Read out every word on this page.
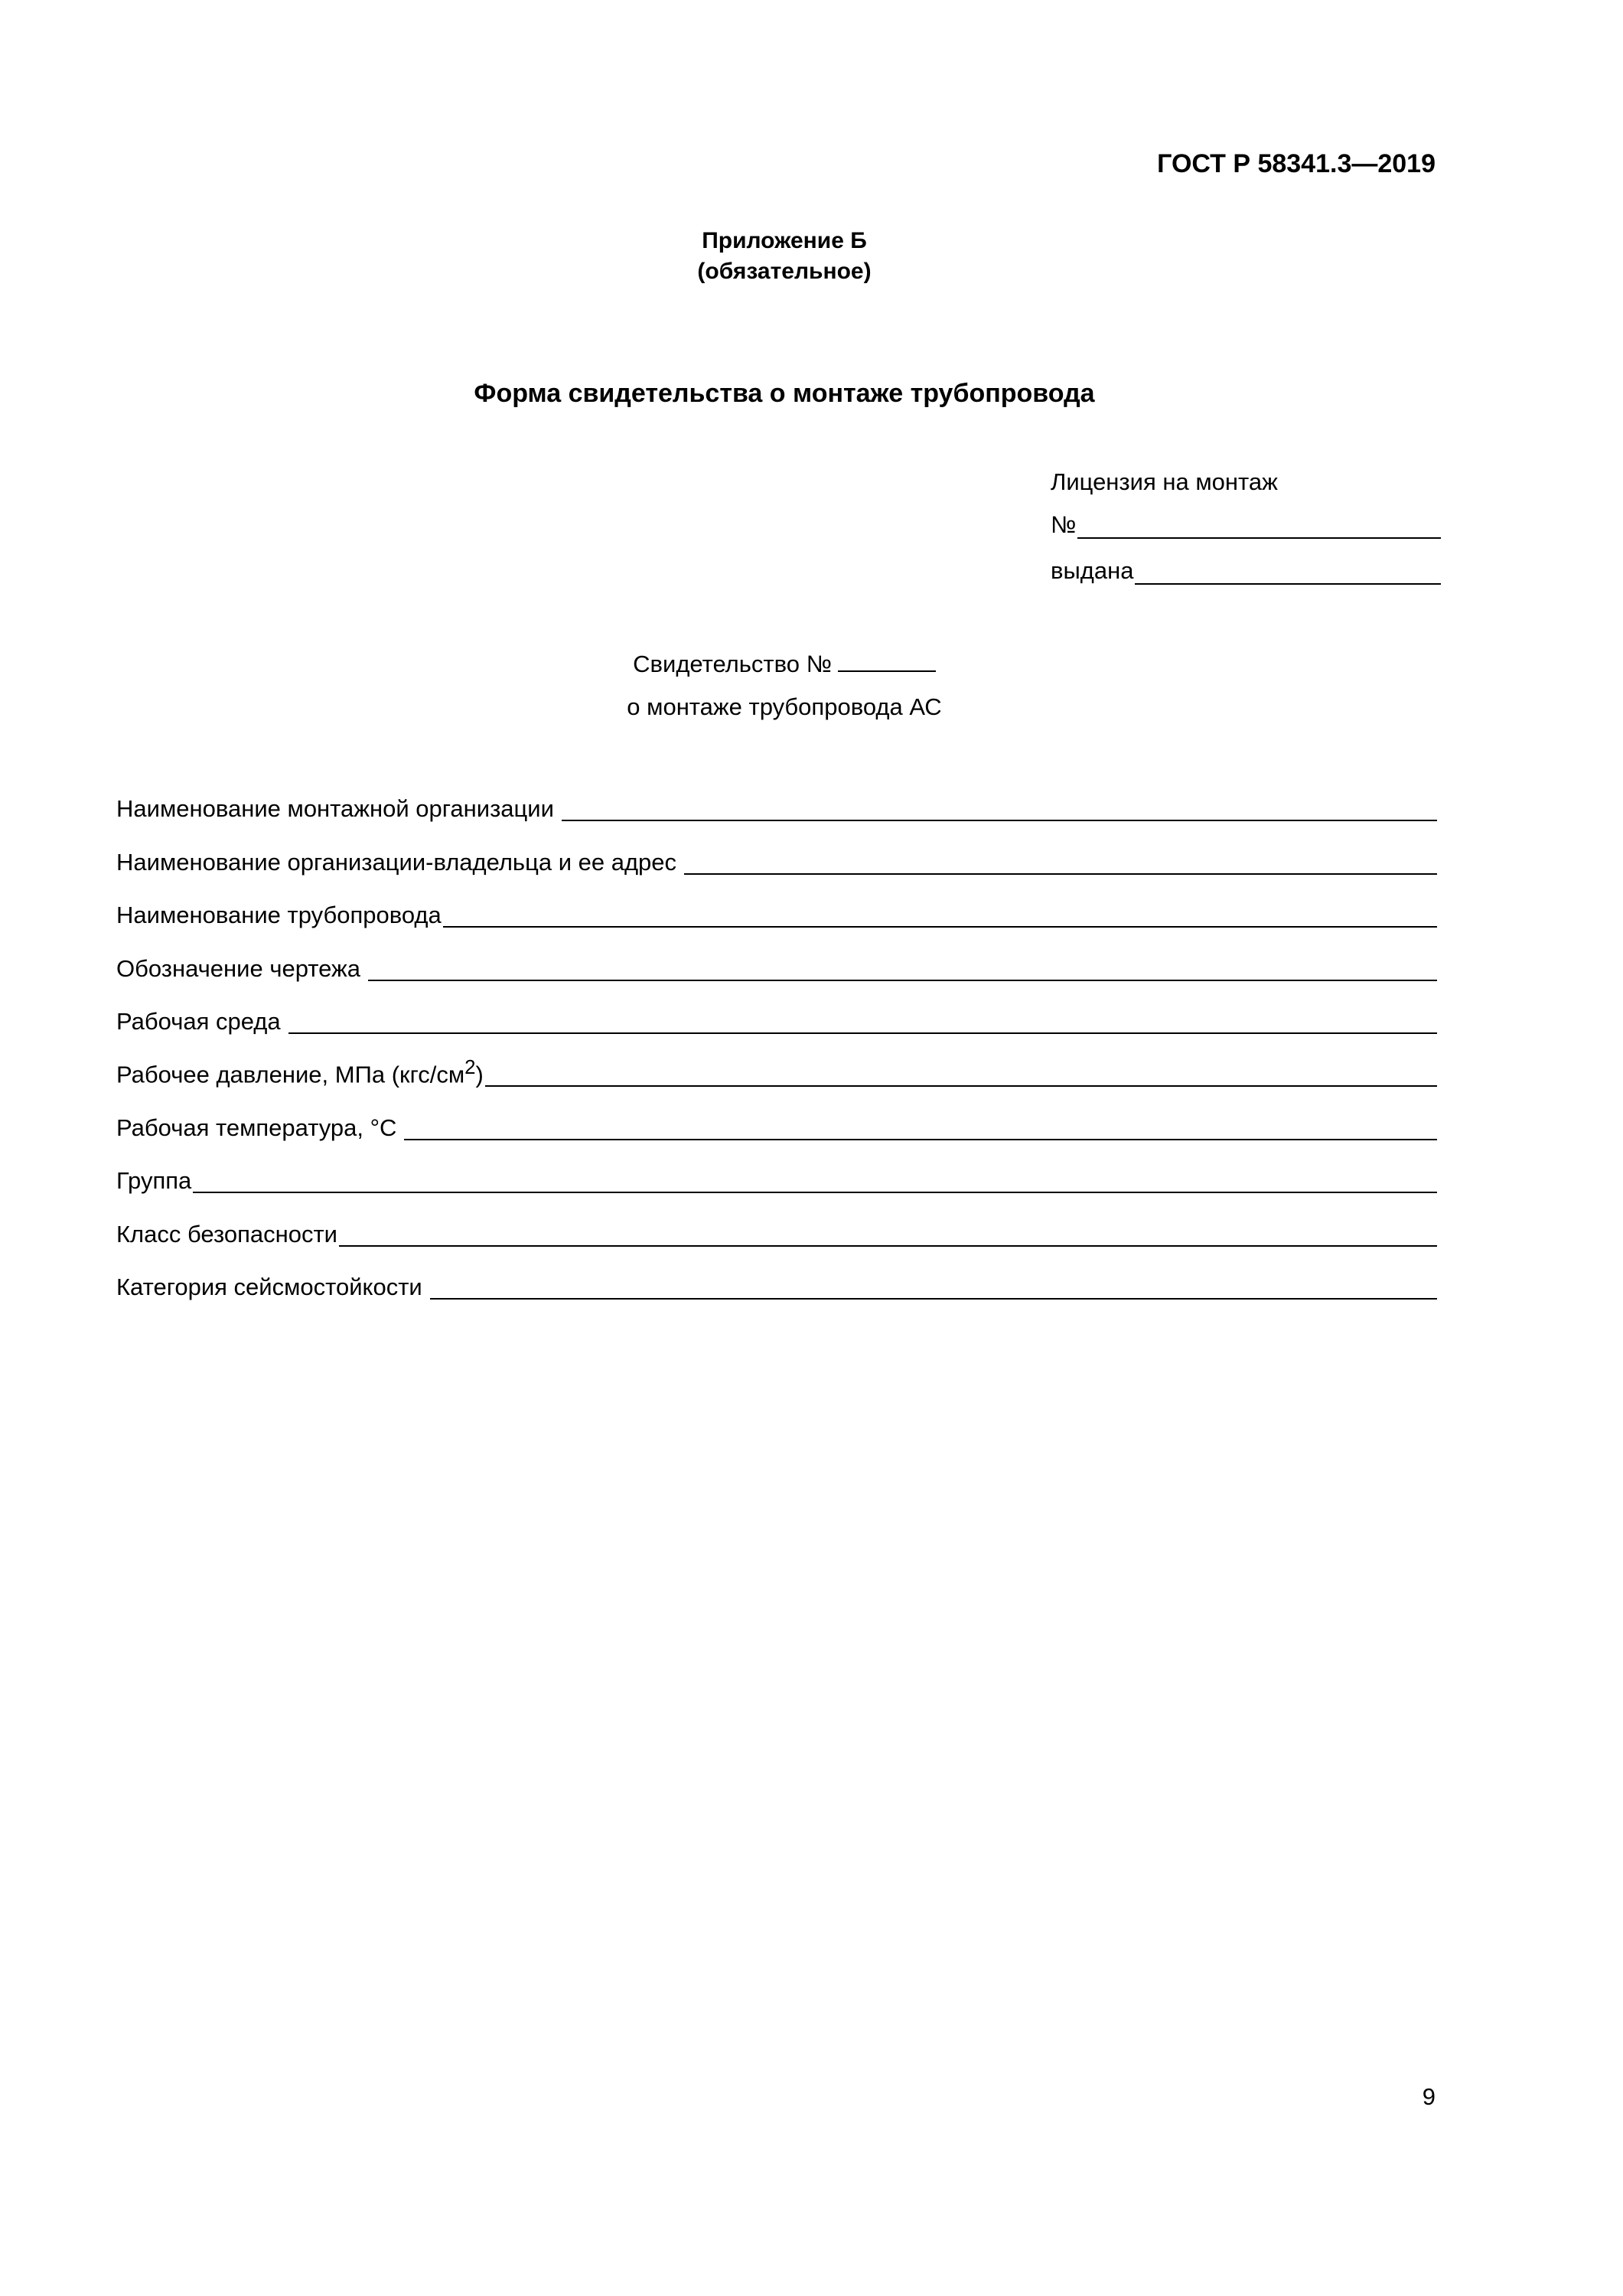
ГОСТ Р 58341.3—2019
Приложение Б
(обязательное)
Форма свидетельства о монтаже трубопровода
Лицензия на монтаж
№
выдана
Свидетельство №
о монтаже трубопровода АС
Наименование монтажной организации
Наименование организации-владельца и ее адрес
Наименование трубопровода
Обозначение чертежа
Рабочая среда
Рабочее давление, МПа $(кгс/см^2)$
Рабочая температура, °С
Группа
Класс безопасности
Категория сейсмостойкости
9
